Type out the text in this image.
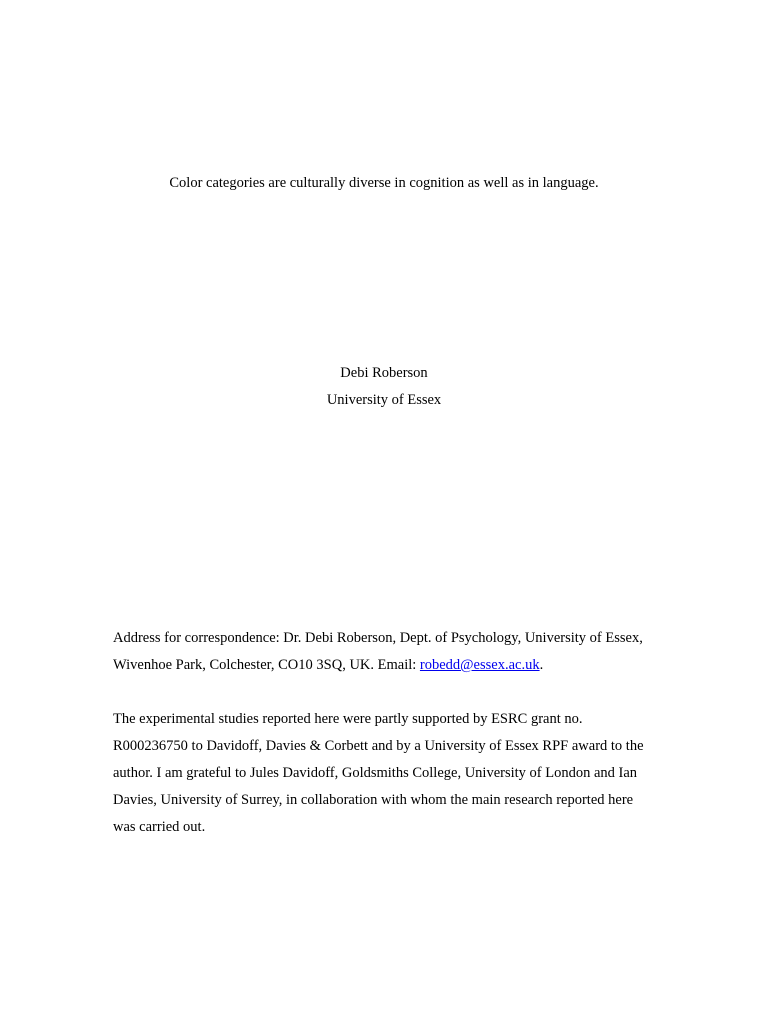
Color categories are culturally diverse in cognition as well as in language.
Debi Roberson
University of Essex

Address for correspondence: Dr. Debi Roberson, Dept. of Psychology, University of Essex, Wivenhoe Park, Colchester, CO10 3SQ, UK. Email: robedd@essex.ac.uk.

The experimental studies reported here were partly supported by ESRC grant no. R000236750 to Davidoff, Davies & Corbett and by a University of Essex RPF award to the author. I am grateful to Jules Davidoff, Goldsmiths College, University of London and Ian Davies, University of Surrey, in collaboration with whom the main research reported here was carried out.
